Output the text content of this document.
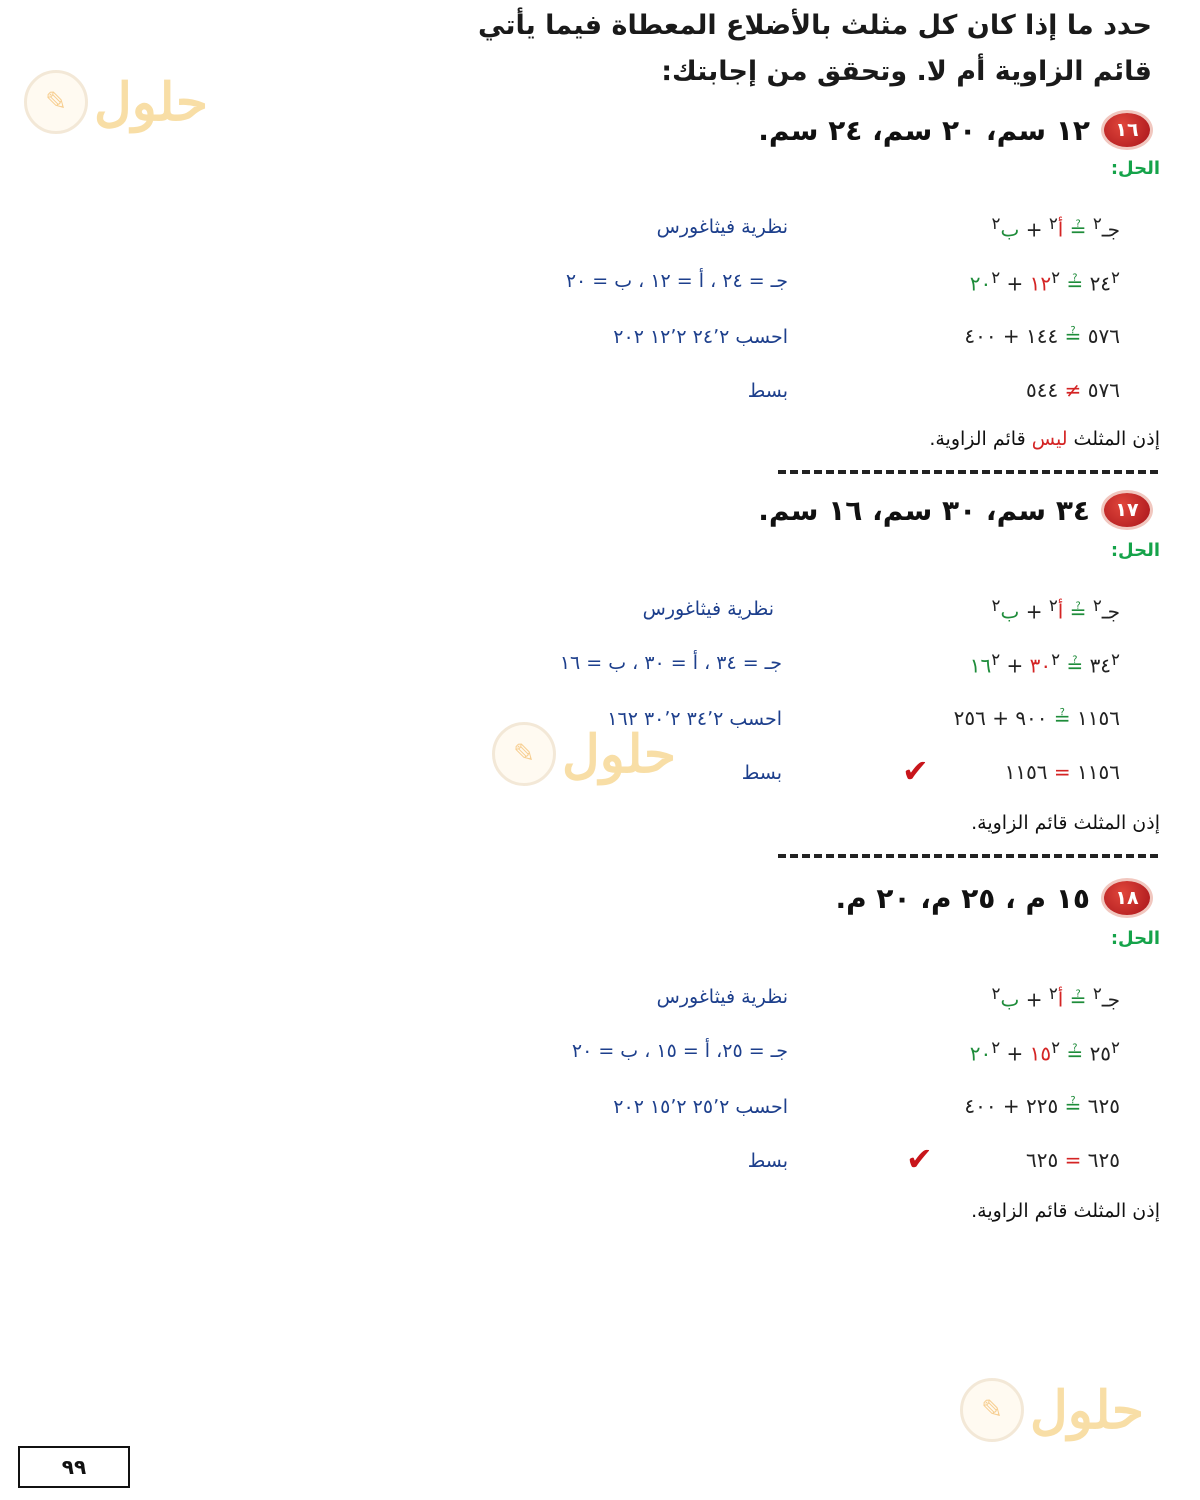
حدد ما إذا كان كل مثلث بالأضلاع المعطاة فيما يأتي
قائم الزاوية أم لا. وتحقق من إجابتك:
✎ حلول
✎ حلول
✎ حلول
١٦
١٢ سم، ٢٠ سم، ٢٤ سم.
الحل:
جـ$^٢$ ≟ أ$^٢$ + ب$^٢$
نظرية فيثاغورس
$٢٤^٢$ ≟ $١٢^٢$ + $٢٠^٢$
جـ = ٢٤ ، أ = ١٢ ، ب = ٢٠
٥٧٦ ≟ ١٤٤ + ٤٠٠
احسب ٢٤٬٢ ١٢٬٢ ٢٠٢
٥٧٦ ≠ ٥٤٤
بسط
إذن المثلث ليس قائم الزاوية.
١٧
٣٤ سم، ٣٠ سم، ١٦ سم.
الحل:
جـ$^٢$ ≟ أ$^٢$ + ب$^٢$
نظرية فيثاغورس
$٣٤^٢$ ≟ $٣٠^٢$ + $١٦^٢$
جـ = ٣٤ ، أ = ٣٠ ، ب = ١٦
١١٥٦ ≟ ٩٠٠ + ٢٥٦
احسب ٣٤٬٢ ٣٠٬٢ ١٦٢
١١٥٦ = ١١٥٦
✔
بسط
إذن المثلث قائم الزاوية.
١٨
١٥ م ، ٢٥ م، ٢٠ م.
الحل:
جـ$^٢$ ≟ أ$^٢$ + ب$^٢$
نظرية فيثاغورس
$٢٥^٢$ ≟ $١٥^٢$ + $٢٠^٢$
جـ = ٢٥، أ = ١٥ ، ب = ٢٠
٦٢٥ ≟ ٢٢٥ + ٤٠٠
احسب ٢٥٬٢ ١٥٬٢ ٢٠٢
٦٢٥ = ٦٢٥
✔
بسط
إذن المثلث قائم الزاوية.
٩٩
